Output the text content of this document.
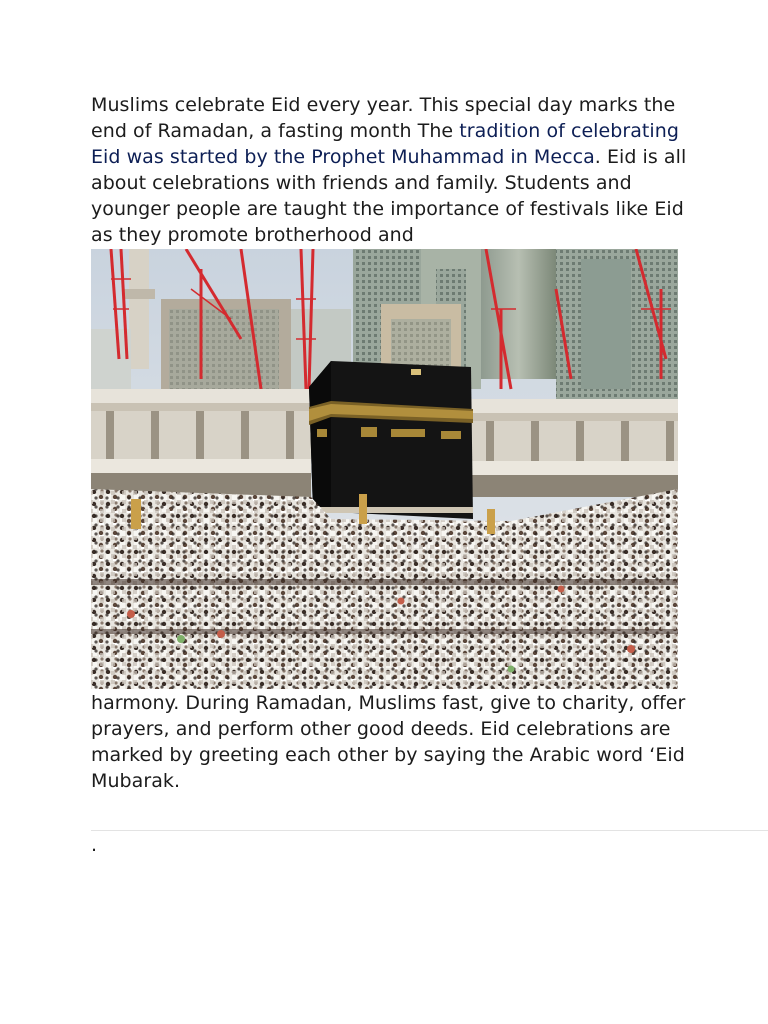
Muslims celebrate Eid every year. This special day marks the end of Ramadan, a fasting month The tradition of celebrating Eid was started by the Prophet Muhammad in Mecca. Eid is all about celebrations with friends and family. Students and younger people are taught the importance of festivals like Eid as they promote brotherhood and

harmony. During Ramadan, Muslims fast, give to charity, offer prayers, and perform other good deeds. Eid celebrations are marked by greeting each other by saying the Arabic word ‘Eid Mubarak.

.
